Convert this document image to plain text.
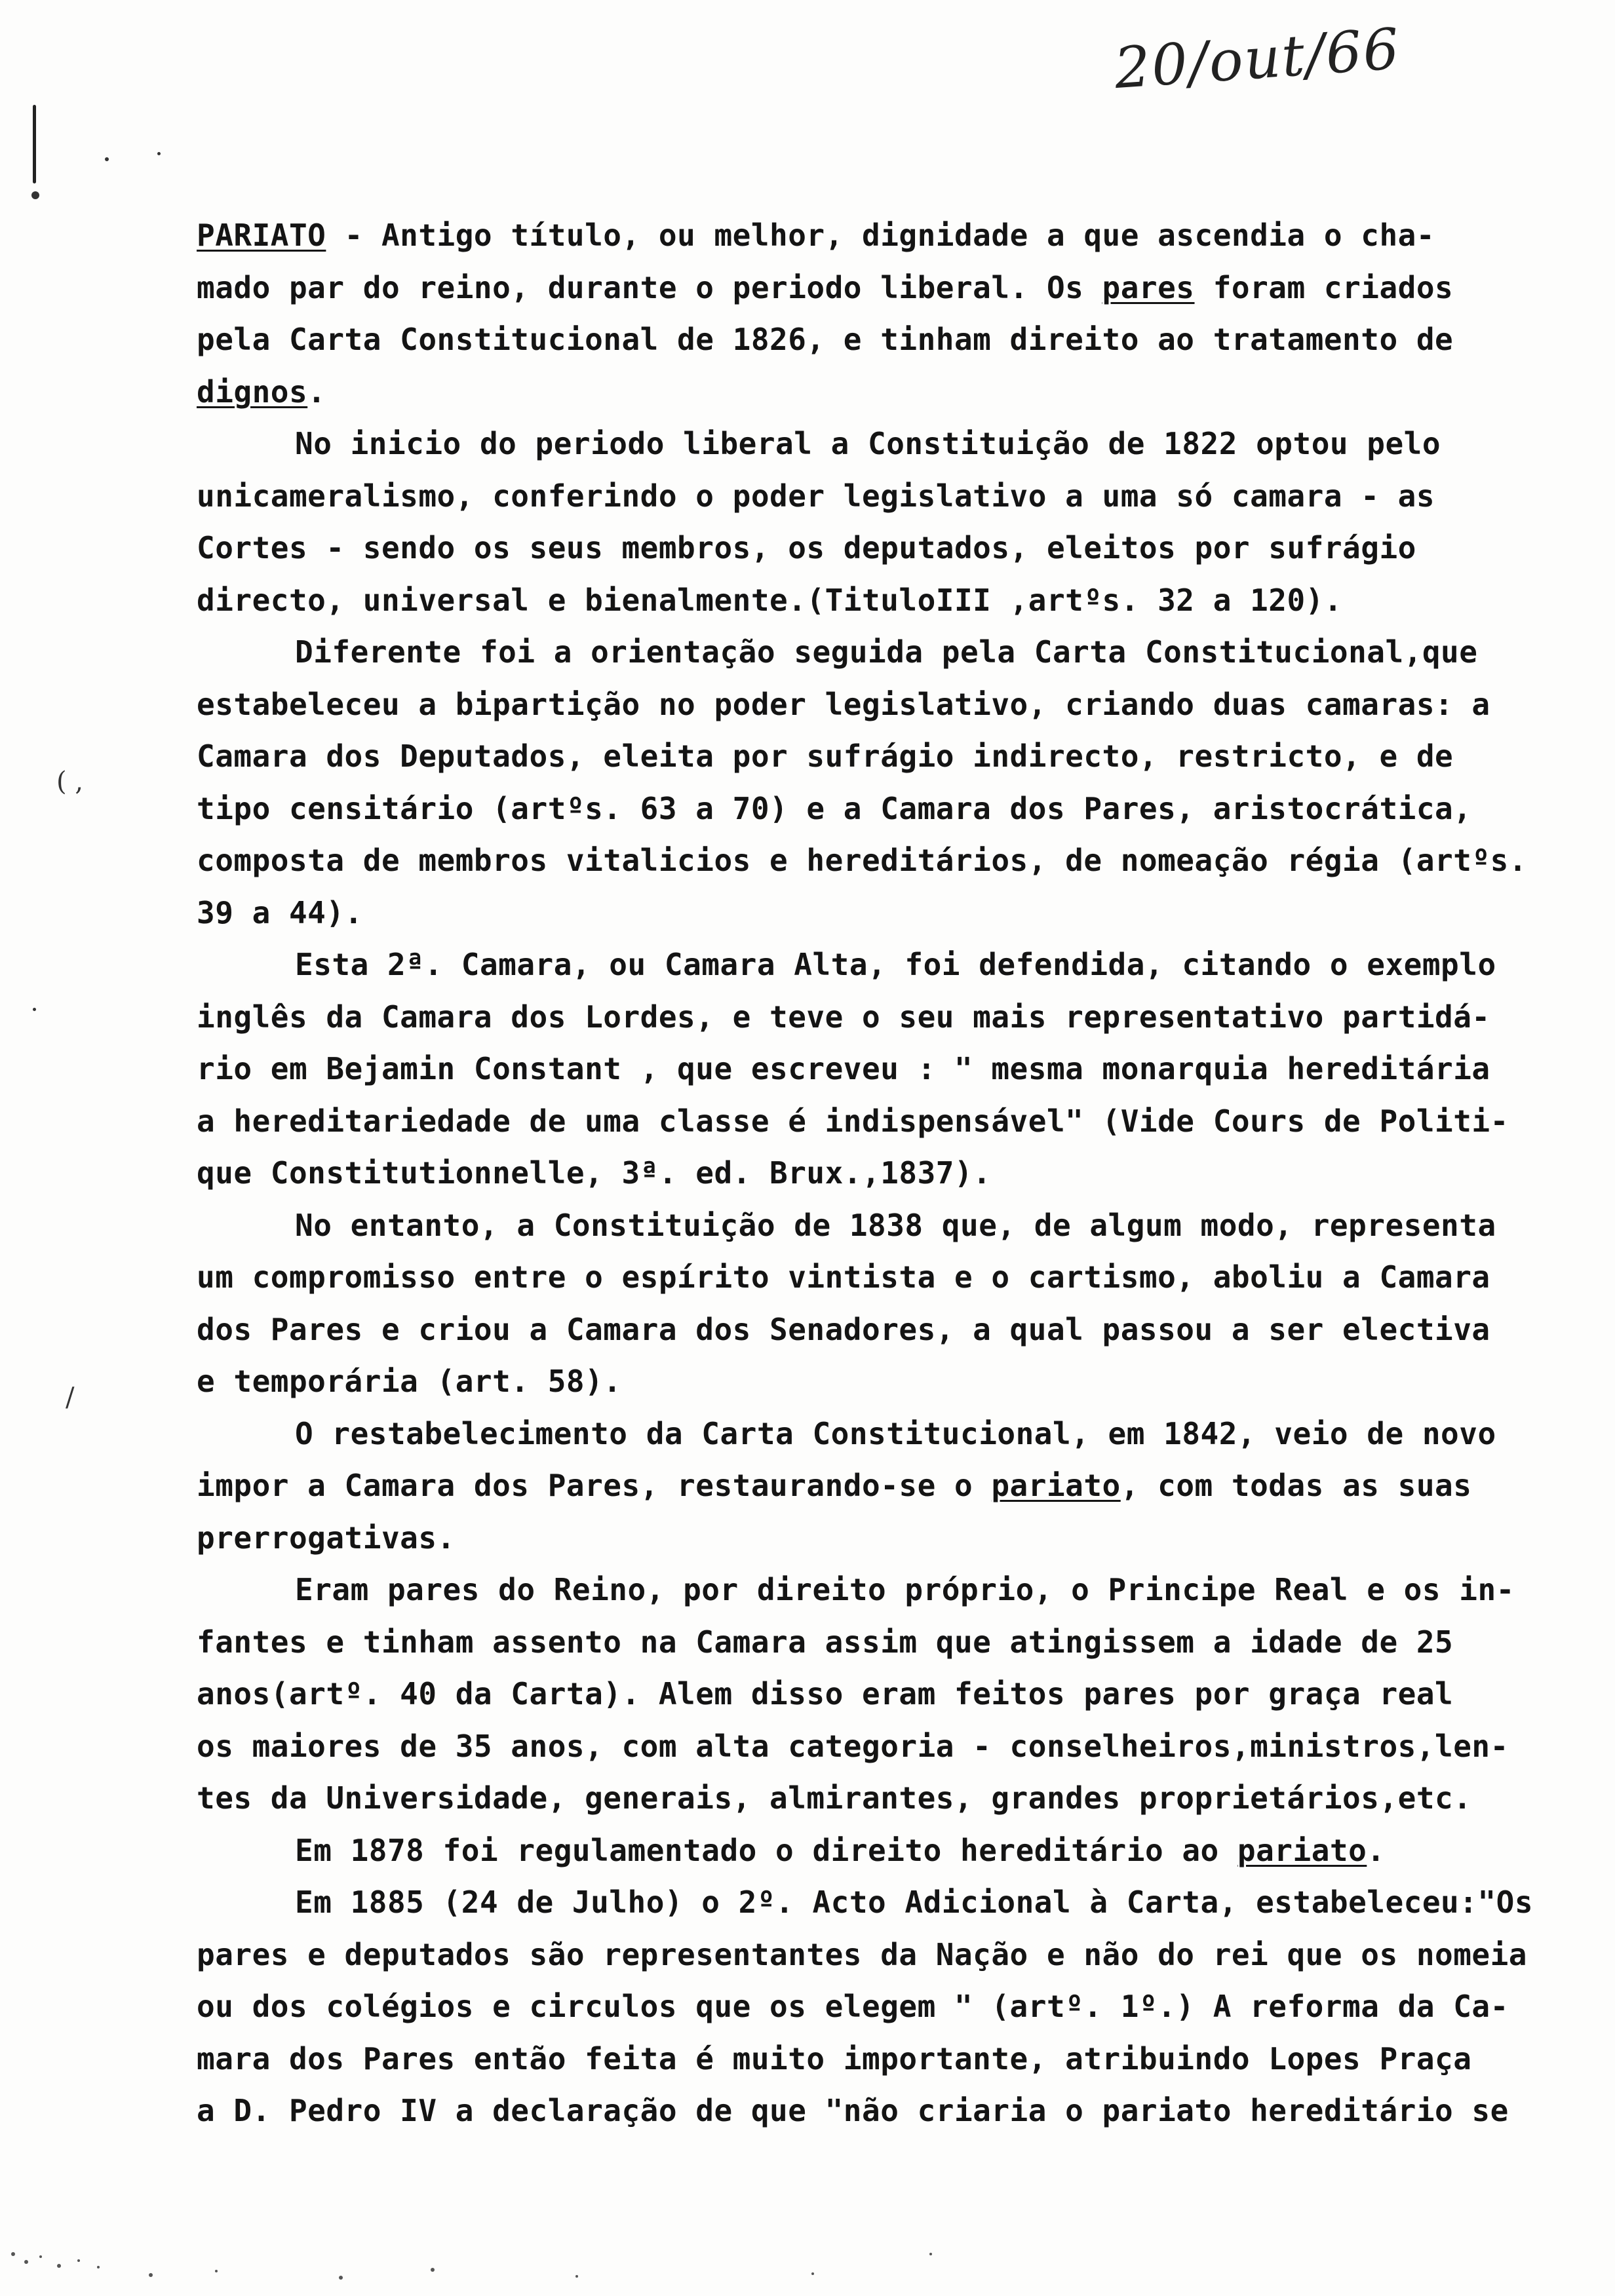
20/out/66
( ,
/
PARIATO - Antigo título, ou melhor, dignidade a que ascendia o cha-
mado par do reino, durante o periodo liberal. Os pares foram criados
pela Carta Constitucional de 1826, e tinham direito ao tratamento de
dignos.
No inicio do periodo liberal a Constituição de 1822 optou pelo
unicameralismo, conferindo o poder legislativo a uma só camara - as
Cortes - sendo os seus membros, os deputados, eleitos por sufrágio
directo, universal e bienalmente.(TituloIII ,artºs. 32 a 120).
Diferente foi a orientação seguida pela Carta Constitucional,que
estabeleceu a bipartição no poder legislativo, criando duas camaras: a
Camara dos Deputados, eleita por sufrágio indirecto, restricto, e de
tipo censitário (artºs. 63 a 70) e a Camara dos Pares, aristocrática,
composta de membros vitalicios e hereditários, de nomeação régia (artºs.
39 a 44).
Esta 2ª. Camara, ou Camara Alta, foi defendida, citando o exemplo
inglês da Camara dos Lordes, e teve o seu mais representativo partidá-
rio em Bejamin Constant , que escreveu : " mesma monarquia hereditária
a hereditariedade de uma classe é indispensável" (Vide Cours de Politi-
que Constitutionnelle, 3ª. ed. Brux.,1837).
No entanto, a Constituição de 1838 que, de algum modo, representa
um compromisso entre o espírito vintista e o cartismo, aboliu a Camara
dos Pares e criou a Camara dos Senadores, a qual passou a ser electiva
e temporária (art. 58).
O restabelecimento da Carta Constitucional, em 1842, veio de novo
impor a Camara dos Pares, restaurando-se o pariato, com todas as suas
prerrogativas.
Eram pares do Reino, por direito próprio, o Principe Real e os in-
fantes e tinham assento na Camara assim que atingissem a idade de 25
anos(artº. 40 da Carta). Alem disso eram feitos pares por graça real
os maiores de 35 anos, com alta categoria - conselheiros,ministros,len-
tes da Universidade, generais, almirantes, grandes proprietários,etc.
Em 1878 foi regulamentado o direito hereditário ao pariato.
Em 1885 (24 de Julho) o 2º. Acto Adicional à Carta, estabeleceu:"Os
pares e deputados são representantes da Nação e não do rei que os nomeia
ou dos colégios e circulos que os elegem " (artº. 1º.) A reforma da Ca-
mara dos Pares então feita é muito importante, atribuindo Lopes Praça
a D. Pedro IV a declaração de que "não criaria o pariato hereditário se
